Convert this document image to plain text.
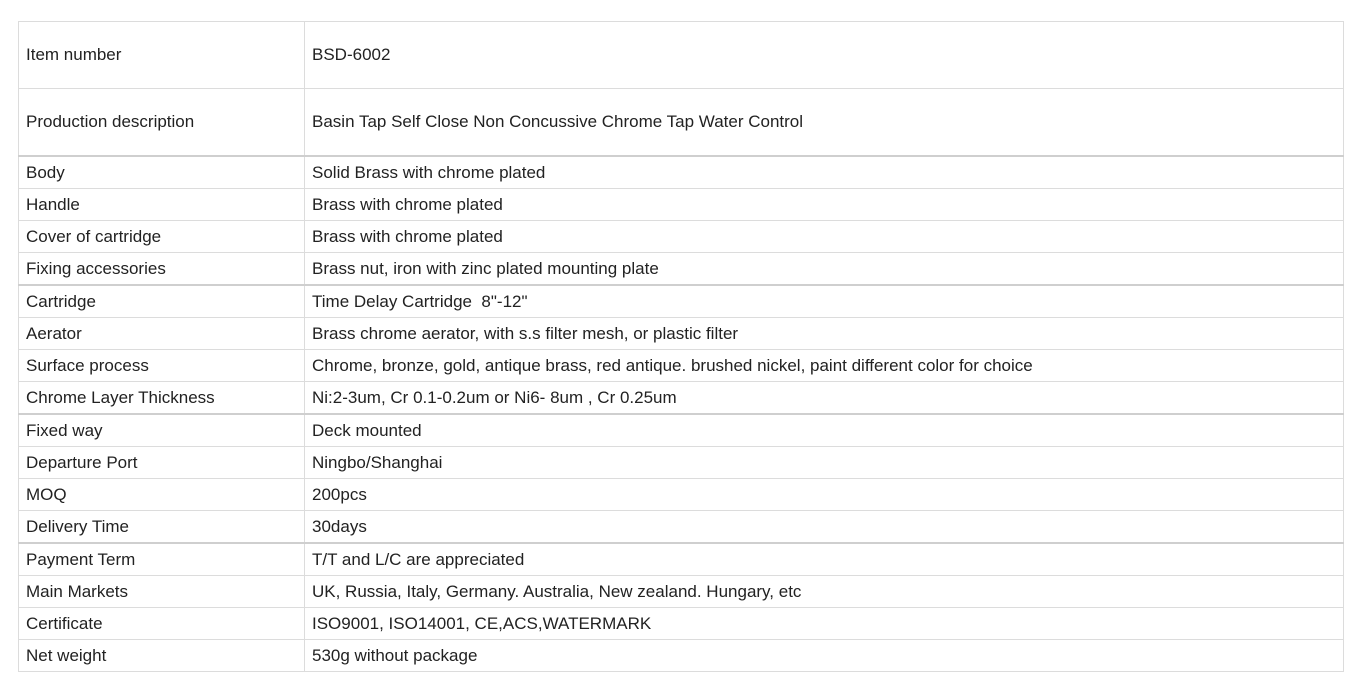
Item number	BSD-6002
Production description	Basin Tap Self Close Non Concussive Chrome Tap Water Control
Body	Solid Brass with chrome plated
Handle	Brass with chrome plated
Cover of cartridge	Brass with chrome plated
Fixing accessories	Brass nut, iron with zinc plated mounting plate
Cartridge	Time Delay Cartridge  8"-12"
Aerator	Brass chrome aerator, with s.s filter mesh, or plastic filter
Surface process	Chrome, bronze, gold, antique brass, red antique. brushed nickel, paint different color for choice
Chrome Layer Thickness	Ni:2-3um, Cr 0.1-0.2um or Ni6- 8um , Cr 0.25um
Fixed way	Deck mounted
Departure Port	Ningbo/Shanghai
MOQ	200pcs
Delivery Time	30days
Payment Term	T/T and L/C are appreciated
Main Markets	UK, Russia, Italy, Germany. Australia, New zealand. Hungary, etc
Certificate	ISO9001, ISO14001, CE,ACS,WATERMARK
Net weight	530g without package
